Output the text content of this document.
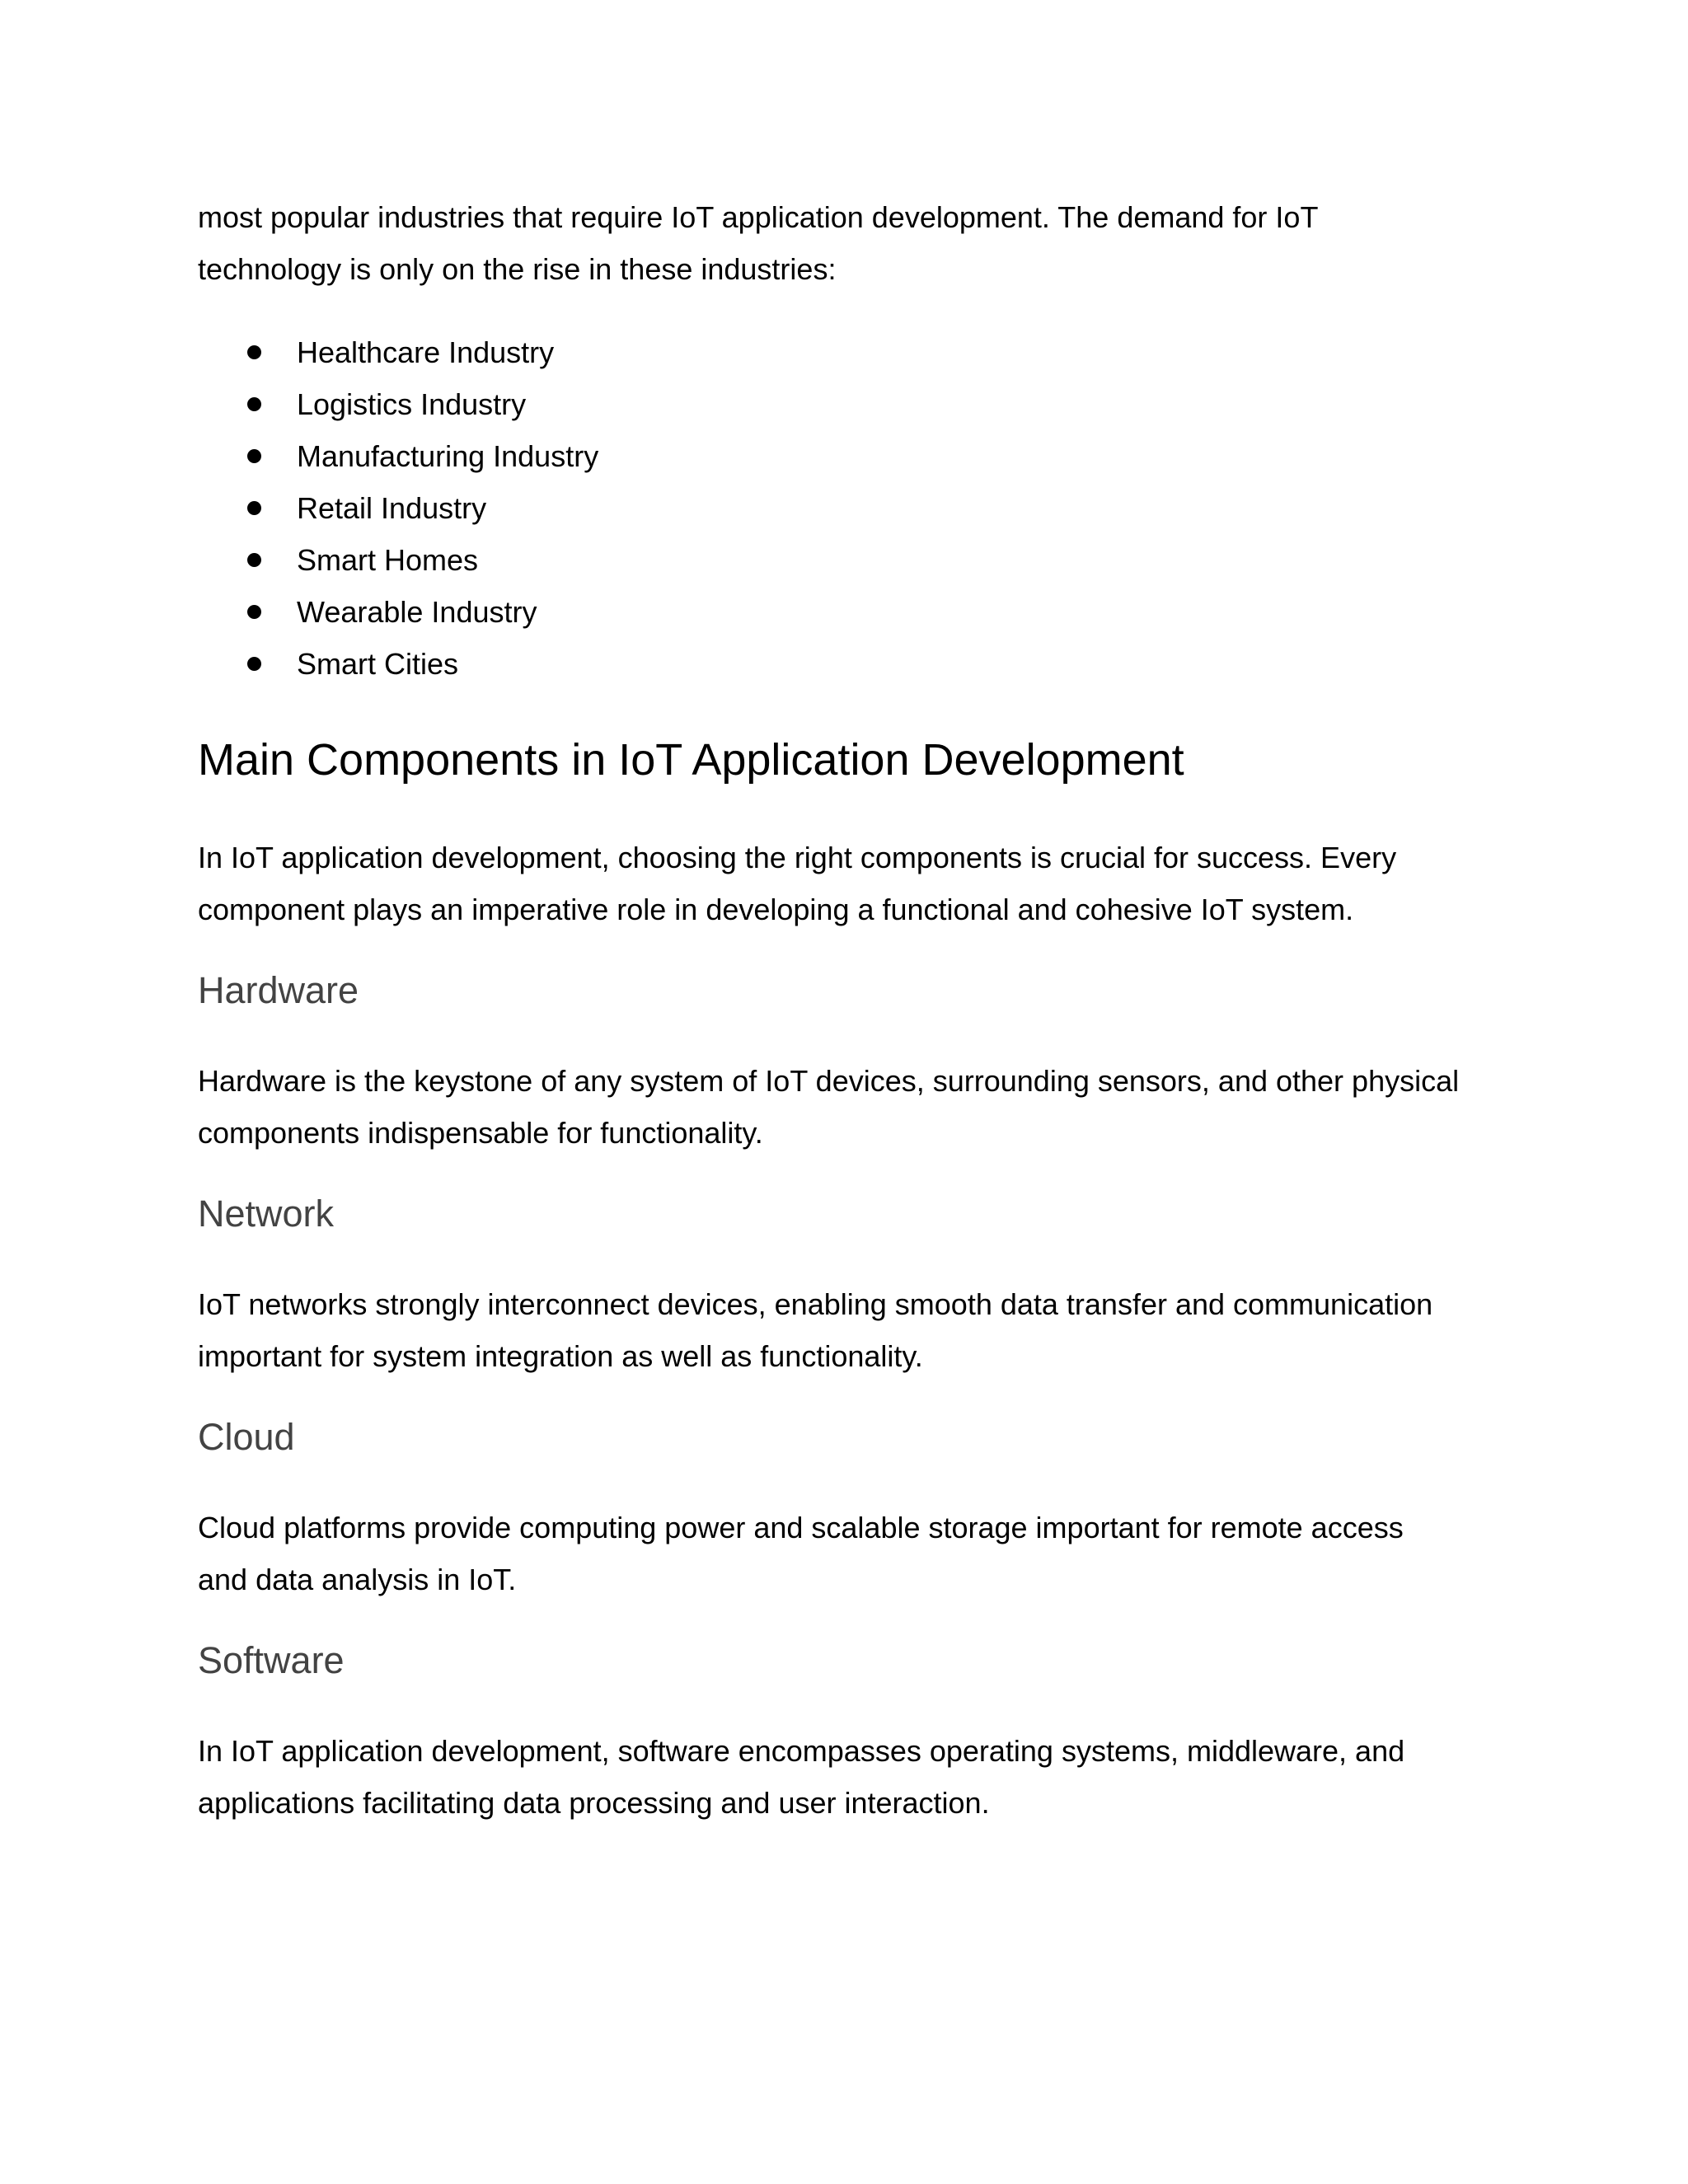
most popular industries that require IoT application development. The demand for IoT
technology is only on the rise in these industries:

Healthcare Industry
Logistics Industry
Manufacturing Industry
Retail Industry
Smart Homes
Wearable Industry
Smart Cities
Main Components in IoT Application Development

In IoT application development, choosing the right components is crucial for success. Every
component plays an imperative role in developing a functional and cohesive IoT system.

Hardware

Hardware is the keystone of any system of IoT devices, surrounding sensors, and other physical
components indispensable for functionality.

Network

IoT networks strongly interconnect devices, enabling smooth data transfer and communication
important for system integration as well as functionality.

Cloud

Cloud platforms provide computing power and scalable storage important for remote access
and data analysis in IoT.

Software

In IoT application development, software encompasses operating systems, middleware, and
applications facilitating data processing and user interaction.
